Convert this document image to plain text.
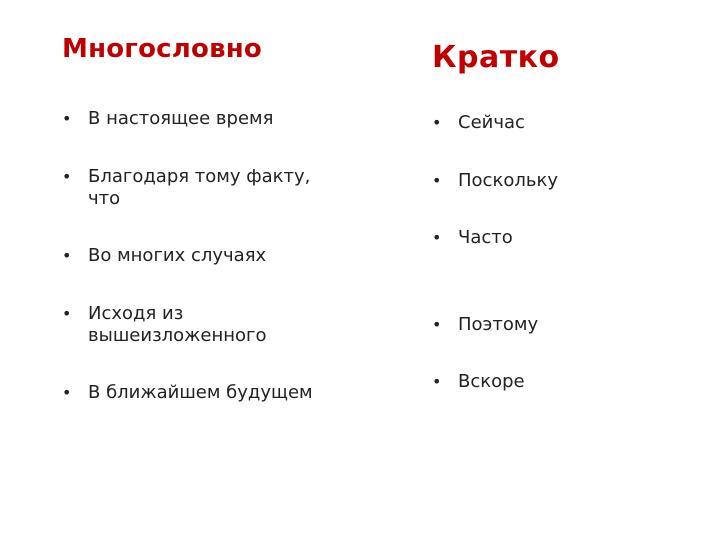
Многословно	Кратко
• В настоящее время
• Благодаря тому факту,
что
• Во многих случаях
• Исходя из
вышеизложенного
• В ближайшем будущем
• Сейчас
• Поскольку
• Часто
• Поэтому
• Вскоре
